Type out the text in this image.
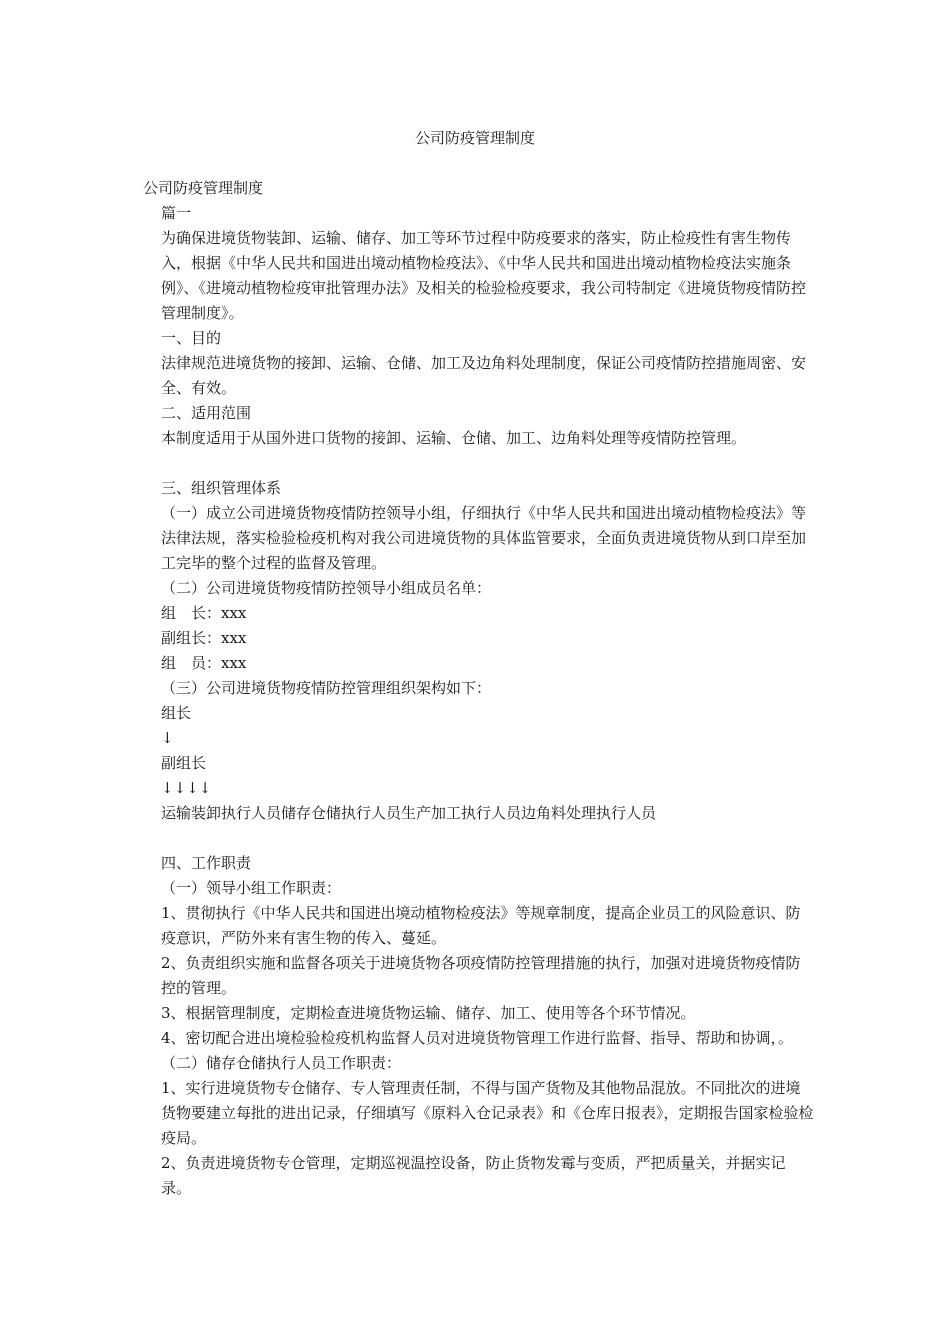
公司防疫管理制度

公司防疫管理制度

篇一

为确保进境货物装卸、运输、储存、加工等环节过程中防疫要求的落实，防止检疫性有害生物传入，根据《中华人民共和国进出境动植物检疫法》、《中华人民共和国进出境动植物检疫法实施条例》、《进境动植物检疫审批管理办法》及相关的检验检疫要求，我公司特制定《进境货物疫情防控管理制度》。

一、目的

法律规范进境货物的接卸、运输、仓储、加工及边角料处理制度，保证公司疫情防控措施周密、安全、有效。

二、适用范围

本制度适用于从国外进口货物的接卸、运输、仓储、加工、边角料处理等疫情防控管理。

三、组织管理体系

（一）成立公司进境货物疫情防控领导小组，仔细执行《中华人民共和国进出境动植物检疫法》等法律法规，落实检验检疫机构对我公司进境货物的具体监管要求，全面负责进境货物从到口岸至加工完毕的整个过程的监督及管理。

（二）公司进境货物疫情防控领导小组成员名单：

组　长：xxx

副组长：xxx

组　员：xxx

（三）公司进境货物疫情防控管理组织架构如下：

组长

↓

副组长

↓↓↓↓

运输装卸执行人员储存仓储执行人员生产加工执行人员边角料处理执行人员

四、工作职责

（一）领导小组工作职责：

1、贯彻执行《中华人民共和国进出境动植物检疫法》等规章制度，提高企业员工的风险意识、防疫意识，严防外来有害生物的传入、蔓延。

2、负责组织实施和监督各项关于进境货物各项疫情防控管理措施的执行，加强对进境货物疫情防控的管理。

3、根据管理制度，定期检查进境货物运输、储存、加工、使用等各个环节情况。

4、密切配合进出境检验检疫机构监督人员对进境货物管理工作进行监督、指导、帮助和协调，。

（二）储存仓储执行人员工作职责：

1、实行进境货物专仓储存、专人管理责任制，不得与国产货物及其他物品混放。不同批次的进境货物要建立每批的进出记录，仔细填写《原料入仓记录表》和《仓库日报表》，定期报告国家检验检疫局。

2、负责进境货物专仓管理，定期巡视温控设备，防止货物发霉与变质，严把质量关，并据实记录。
